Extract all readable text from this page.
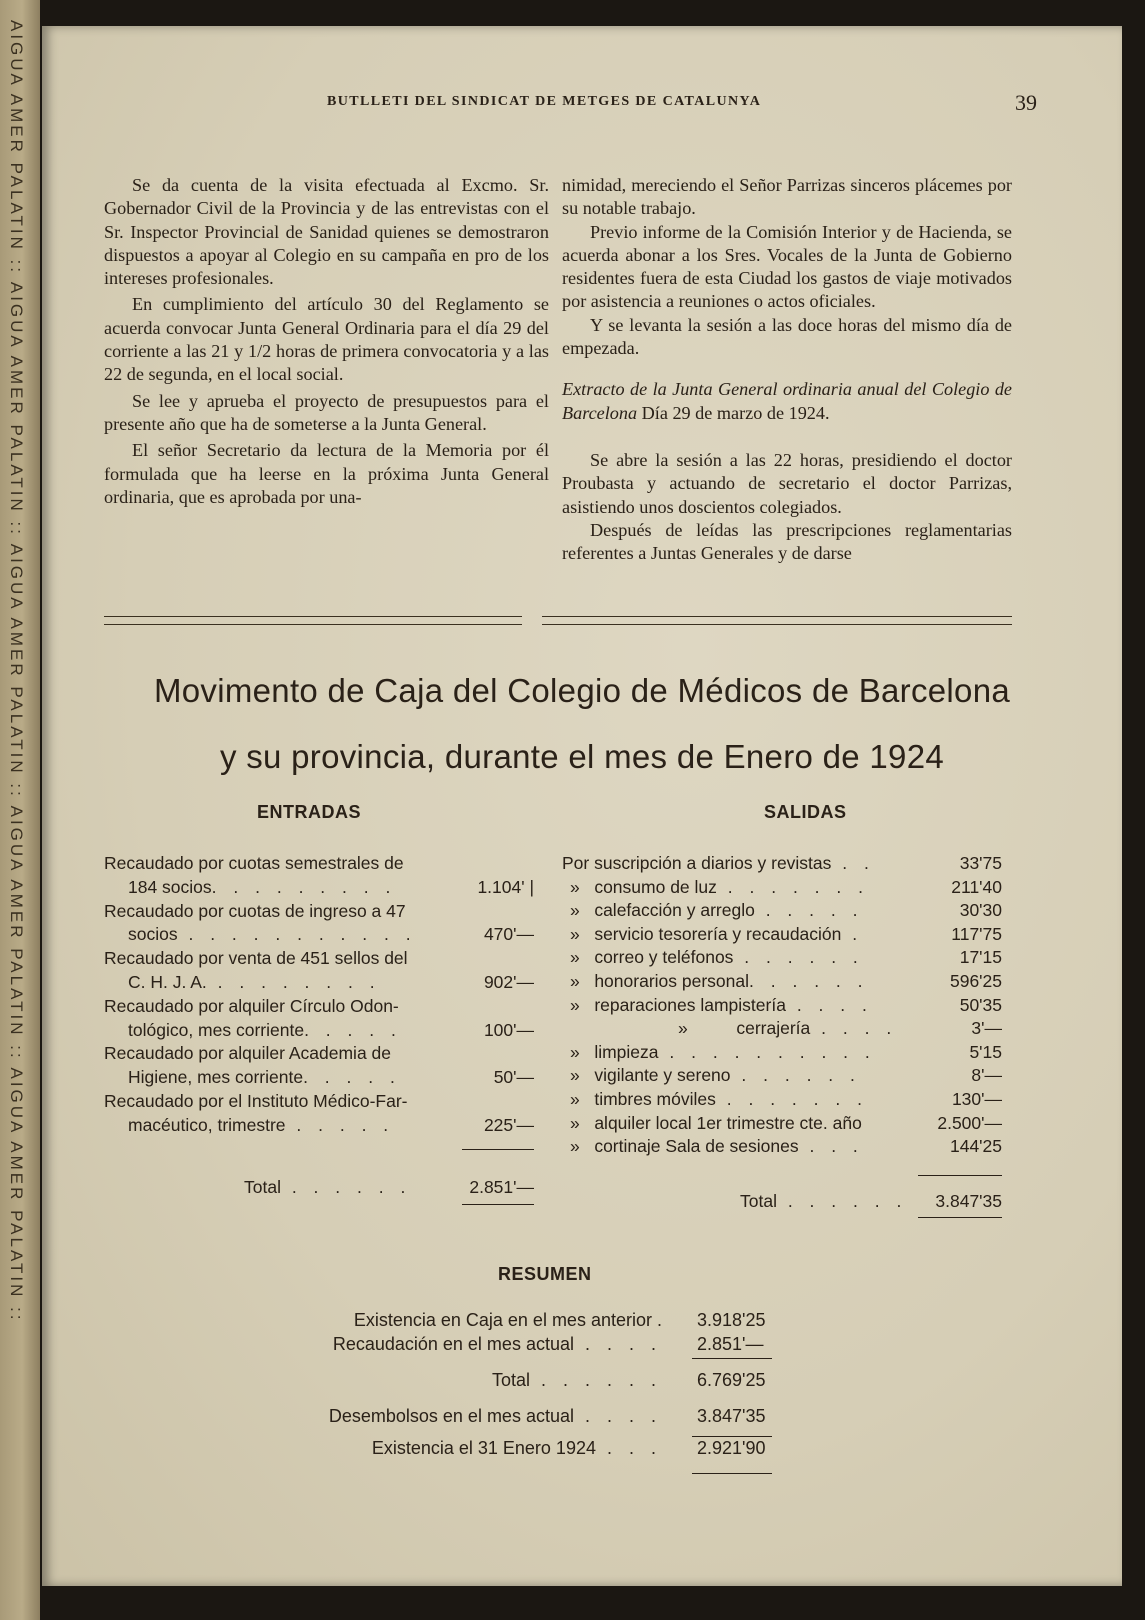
AIGUA AMER PALATIN :: AIGUA AMER PALATIN :: AIGUA AMER PALATIN :: AIGUA AMER PALATIN :: AIGUA AMER PALATIN ::	BUTLLETI DEL SINDICAT DE METGES DE CATALUNYA	39

Se da cuenta de la visita efectuada al Excmo. Sr. Gobernador Civil de la Provincia y de las entrevistas con el Sr. Inspector Provincial de Sanidad quienes se demostraron dispuestos a apoyar al Colegio en su campaña en pro de los intereses profesionales.

En cumplimiento del artículo 30 del Reglamento se acuerda convocar Junta General Ordinaria para el día 29 del corriente a las 21 y 1/2 horas de primera convocatoria y a las 22 de segunda, en el local social.

Se lee y aprueba el proyecto de presupuestos para el presente año que ha de someterse a la Junta General.

El señor Secretario da lectura de la Memoria por él formulada que ha leerse en la próxima Junta General ordinaria, que es aprobada por una-

nimidad, mereciendo el Señor Parrizas sinceros plácemes por su notable trabajo.

Previo informe de la Comisión Interior y de Hacienda, se acuerda abonar a los Sres. Vocales de la Junta de Gobierno residentes fuera de esta Ciudad los gastos de viaje motivados por asistencia a reuniones o actos oficiales.

Y se levanta la sesión a las doce horas del mismo día de empezada.

Extracto de la Junta General ordinaria anual del Colegio de Barcelona Día 29 de marzo de 1924.

Se abre la sesión a las 22 horas, presidiendo el doctor Proubasta y actuando de secretario el doctor Parrizas, asistiendo unos doscientos colegiados.

Después de leídas las prescripciones reglamentarias referentes a Juntas Generales y de darse

Movimento de Caja del Colegio de Médicos de Barcelona
y su provincia, durante el mes de Enero de 1924
ENTRADAS	SALIDAS
Recaudado por cuotas semestrales de
184 socios. . . . . . . . .	1.104' |
Recaudado por cuotas de ingreso a 47
socios . . . . . . . . . . .	470'—
Recaudado por venta de 451 sellos del
C. H. J. A. . . . . . . . .	902'—
Recaudado por alquiler Círculo Odon-
tológico, mes corriente. . . . .	100'—
Recaudado por alquiler Academia de
Higiene, mes corriente. . . . .	50'—
Recaudado por el Instituto Médico-Far-
macéutico, trimestre . . . . .	225'—
Total . . . . . .	2.851'—
Por suscripción a diarios y revistas . .	33'75
» consumo de luz . . . . . . .	211'40
» calefacción y arreglo . . . . .	30'30
» servicio tesorería y recaudación .	117'75
» correo y teléfonos . . . . . .	17'15
» honorarios personal. . . . . .	596'25
» reparaciones lampistería . . . .	50'35
»          cerrajería . . . .	3'—
» limpieza . . . . . . . . . .	5'15
» vigilante y sereno . . . . . .	8'—
» timbres móviles . . . . . . .	130'—
» alquiler local 1er trimestre cte. año	2.500'—
» cortinaje Sala de sesiones . . .	144'25
Total . . . . . . 3.847'35
RESUMEN
Existencia en Caja en el mes anterior . 3.918'25
Recaudación en el mes actual . . . . 2.851'—
Total . . . . . . 6.769'25
Desembolsos en el mes actual . . . . 3.847'35
Existencia el 31 Enero 1924 . . . 2.921'90
